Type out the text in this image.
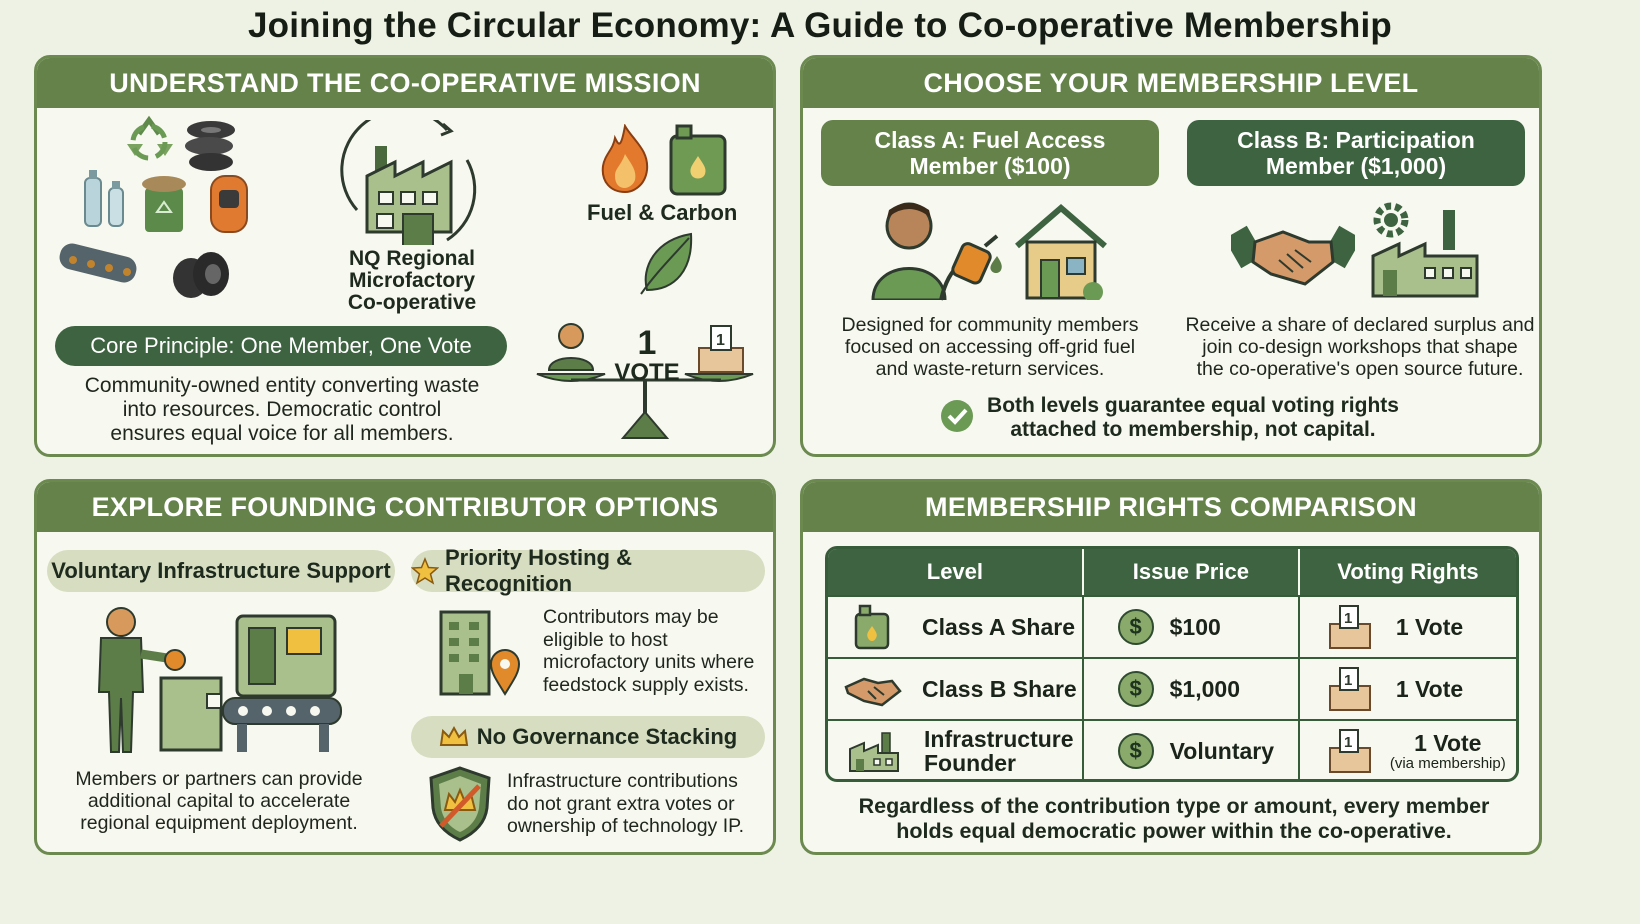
Joining the Circular Economy: A Guide to Co-operative Membership
UNDERSTAND THE CO-OPERATIVE MISSION
NQ Regional
Microfactory
Co-operative
Fuel & Carbon
Core Principle: One Member, One Vote
Community-owned entity converting waste
into resources. Democratic control
ensures equal voice for all members.
1
1
VOTE
CHOOSE YOUR MEMBERSHIP LEVEL
Class A: Fuel Access
Member ($100)
Class B: Participation
Member ($1,000)
Designed for community members
focused on accessing off-grid fuel
and waste-return services.
Receive a share of declared surplus and
join co-design workshops that shape
the co-operative's open source future.
Both levels guarantee equal voting rights
attached to membership, not capital.
EXPLORE FOUNDING CONTRIBUTOR OPTIONS
Voluntary Infrastructure Support
Priority Hosting & Recognition
Members or partners can provide
additional capital to accelerate
regional equipment deployment.
Contributors may be
eligible to host
microfactory units where
feedstock supply exists.
No Governance Stacking
Infrastructure contributions
do not grant extra votes or
ownership of technology IP.
MEMBERSHIP RIGHTS COMPARISON
Level	Issue Price	Voting Rights
Class A Share	$	$100	1 1 Vote
Class B Share	$	$1,000	1 1 Vote
Infrastructure Founder	$	Voluntary	1	1 Vote
(via membership)
Regardless of the contribution type or amount, every member
holds equal democratic power within the co-operative.
